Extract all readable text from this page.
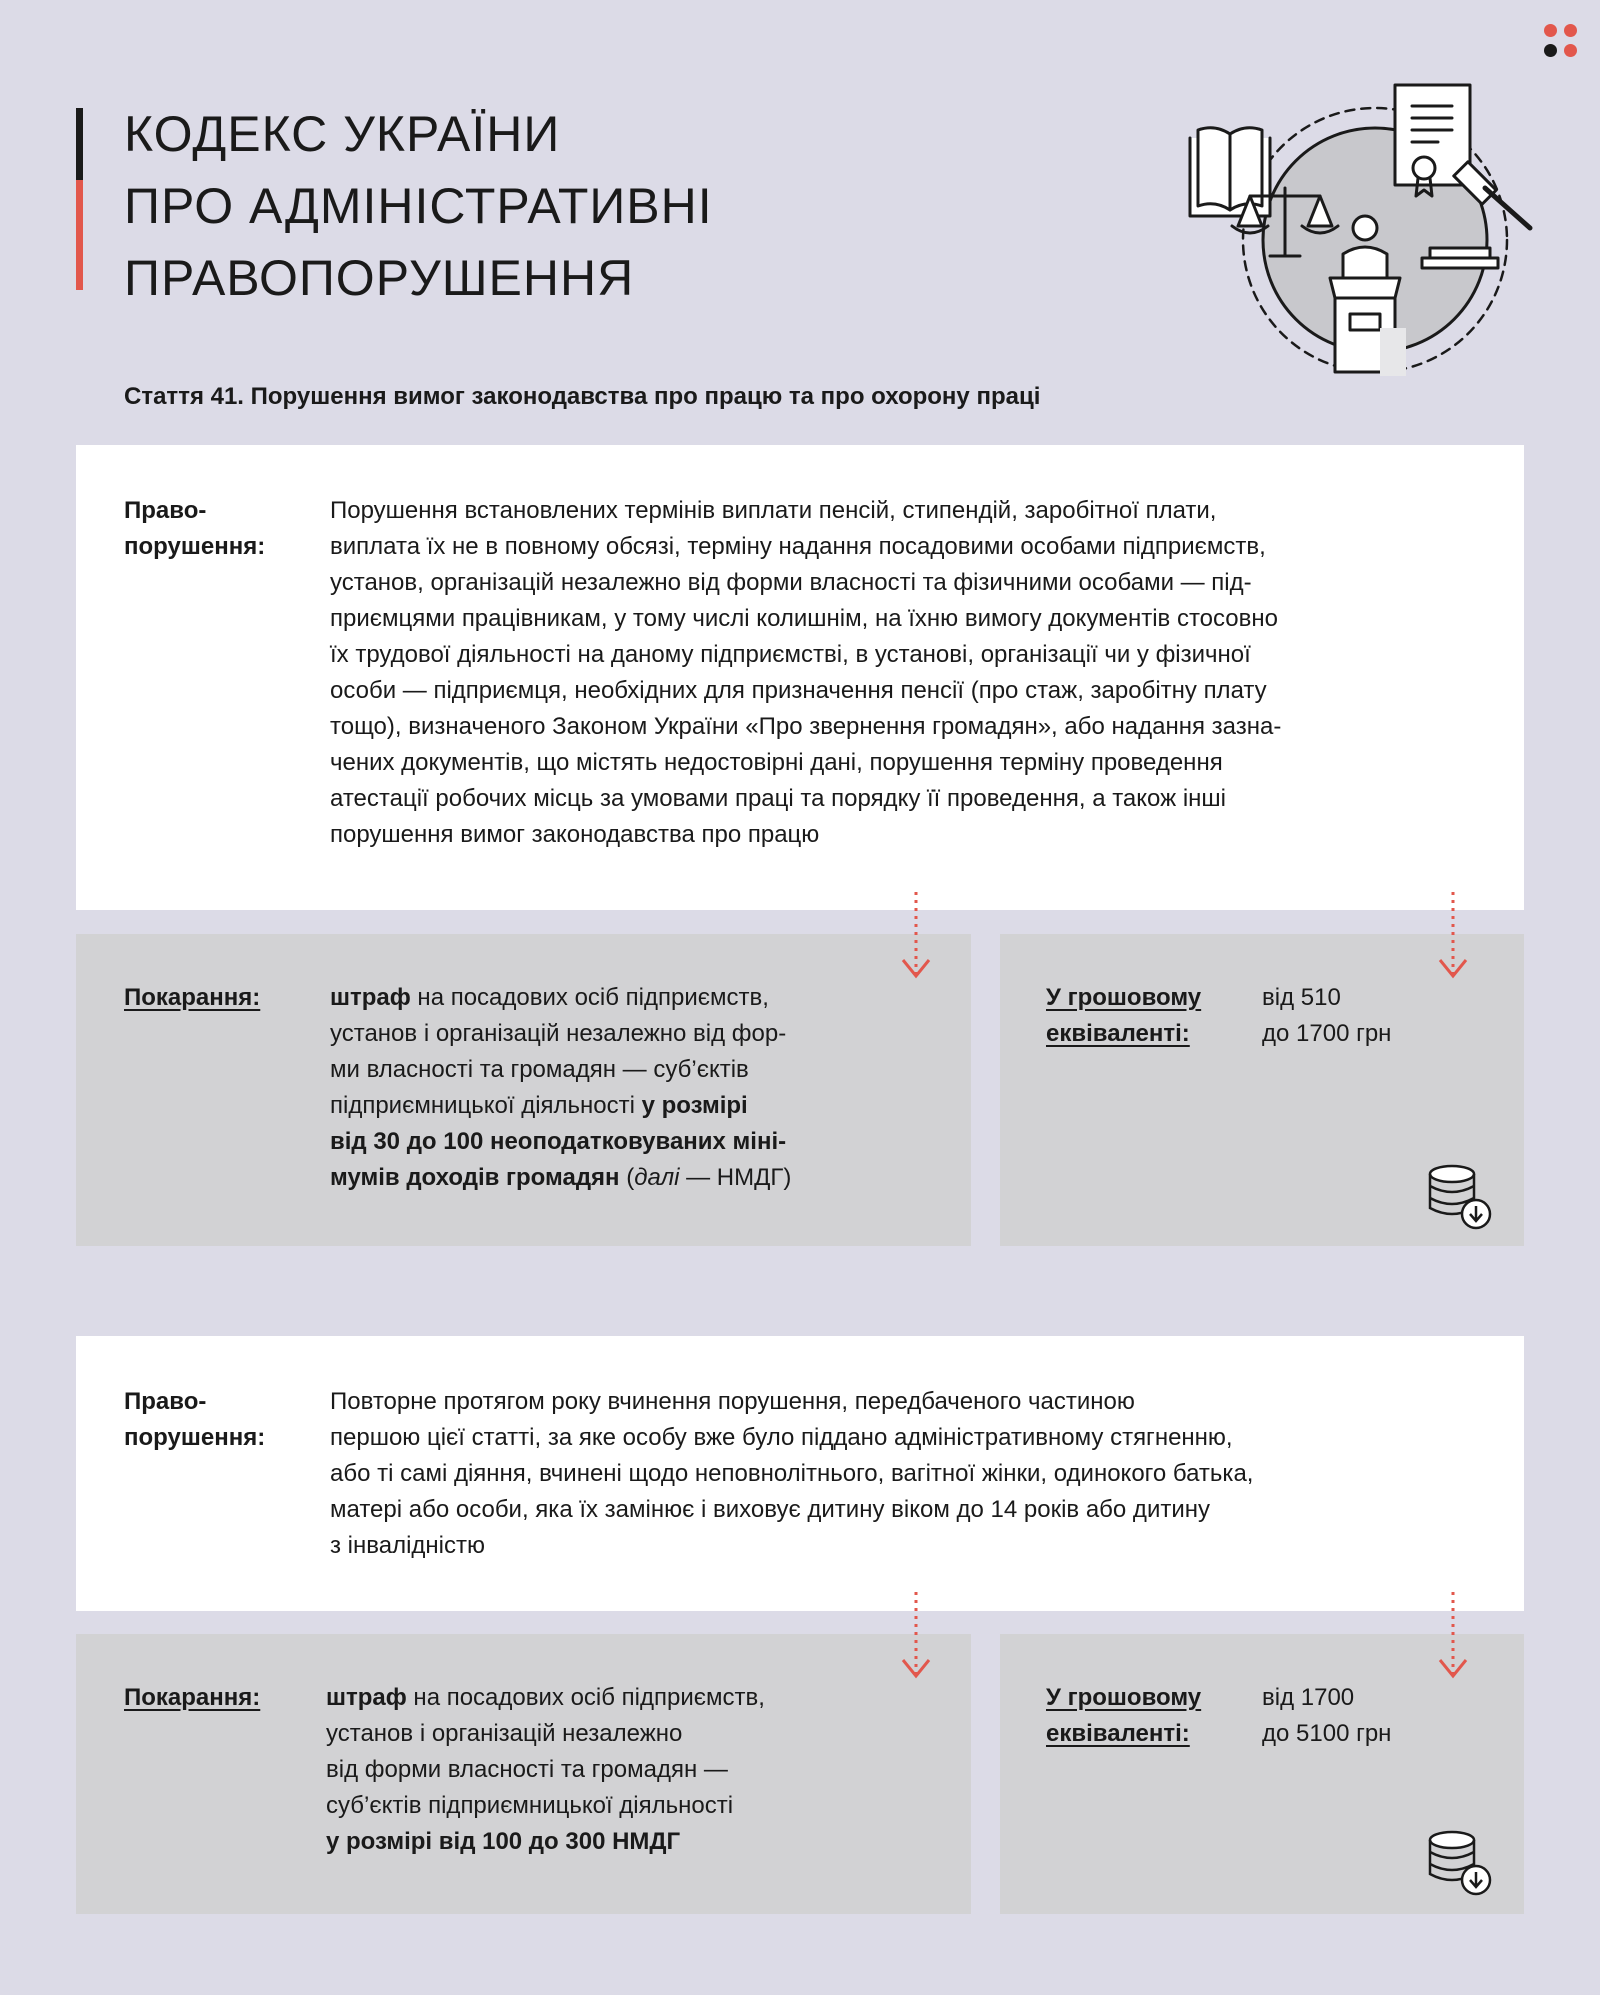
КОДЕКС УКРАЇНИ
ПРО АДМІНІСТРАТИВНІ
ПРАВОПОРУШЕННЯ
Стаття 41. Порушення вимог законодавства про працю та про охорону праці
Право-
порушення:
Порушення встановлених термінів виплати пенсій, стипендій, заробітної плати,
виплата їх не в повному обсязі, терміну надання посадовими особами підприємств,
установ, організацій незалежно від форми власності та фізичними особами — під-
приємцями працівникам, у тому числі колишнім, на їхню вимогу документів стосовно
їх трудової діяльності на даному підприємстві, в установі, організації чи у фізичної
особи — підприємця, необхідних для призначення пенсії (про стаж, заробітну плату
тощо), визначеного Законом України «Про звернення громадян», або надання зазна-
чених документів, що містять недостовірні дані, порушення терміну проведення
атестації робочих місць за умовами праці та порядку її проведення, а також інші
порушення вимог законодавства про працю
Покарання:	штраф на посадових осіб підприємств,
установ і організацій незалежно від фор-
ми власності та громадян — суб’єктів
підприємницької діяльності у розмірі
від 30 до 100 неоподатковуваних міні-
мумів доходів громадян (далі — НМДГ)
У грошовому
еквіваленті:
від 510
до 1700 грн
Право-
порушення:
Повторне протягом року вчинення порушення, передбаченого частиною
першою цієї статті, за яке особу вже було піддано адміністративному стягненню,
або ті самі діяння, вчинені щодо неповнолітнього, вагітної жінки, одинокого батька,
матері або особи, яка їх замінює і виховує дитину віком до 14 років або дитину
з інвалідністю
Покарання:	штраф на посадових осіб підприємств,
установ і організацій незалежно
від форми власності та громадян —
суб’єктів підприємницької діяльності
у розмірі від 100 до 300 НМДГ
У грошовому
еквіваленті:
від 1700
до 5100 грн
